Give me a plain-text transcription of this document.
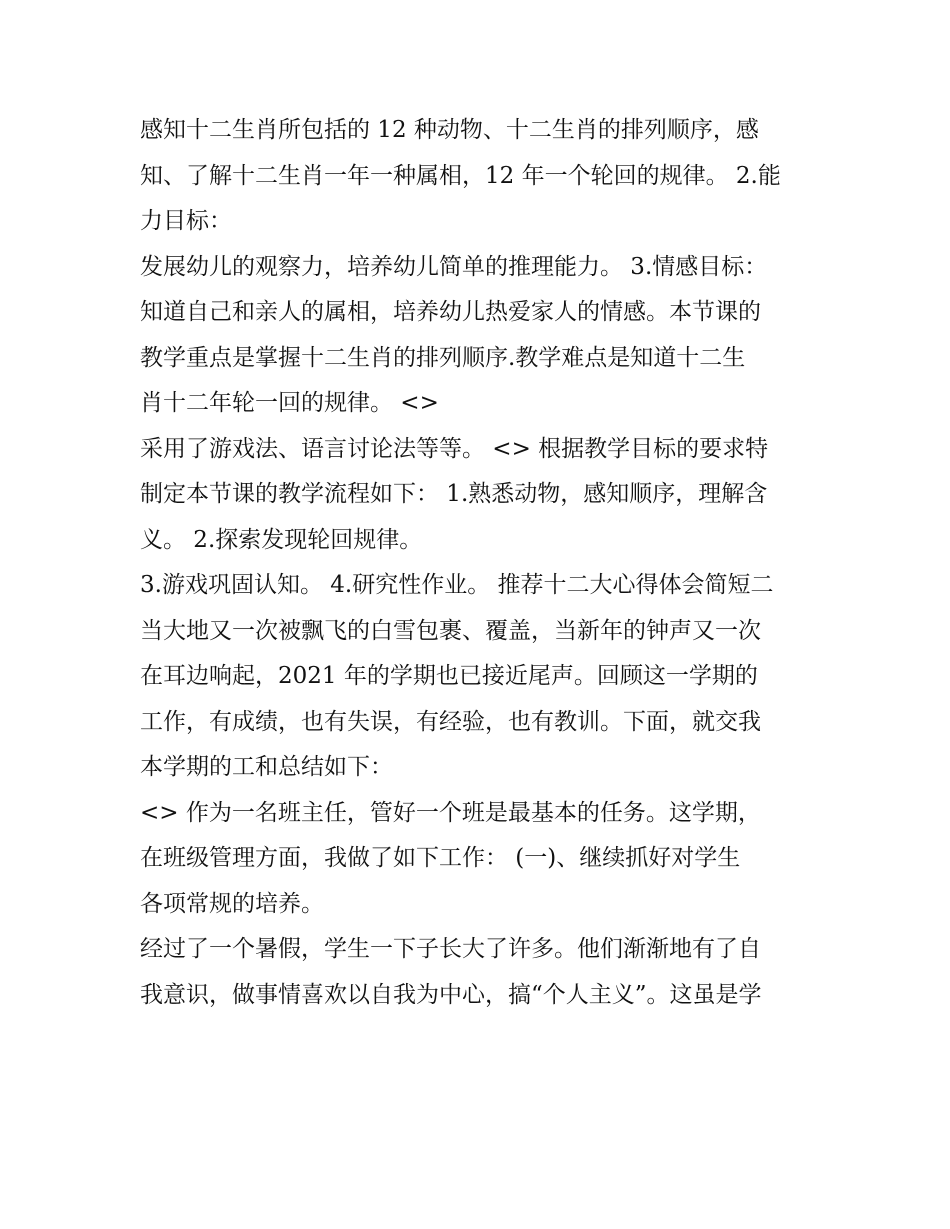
感知十二生肖所包括的 12 种动物、十二生肖的排列顺序，感
知、了解十二生肖一年一种属相，12 年一个轮回的规律。 2.能
力目标：
发展幼儿的观察力，培养幼儿简单的推理能力。 3.情感目标：
知道自己和亲人的属相，培养幼儿热爱家人的情感。本节课的
教学重点是掌握十二生肖的排列顺序.教学难点是知道十二生
肖十二年轮一回的规律。 <>
采用了游戏法、语言讨论法等等。 <> 根据教学目标的要求特
制定本节课的教学流程如下： 1.熟悉动物，感知顺序，理解含
义。 2.探索发现轮回规律。
3.游戏巩固认知。 4.研究性作业。 推荐十二大心得体会简短二
当大地又一次被飘飞的白雪包裹、覆盖，当新年的钟声又一次
在耳边响起，2021 年的学期也已接近尾声。回顾这一学期的
工作，有成绩，也有失误，有经验，也有教训。下面，就交我
本学期的工和总结如下：
<> 作为一名班主任，管好一个班是最基本的任务。这学期，
在班级管理方面，我做了如下工作： (一)、继续抓好对学生
各项常规的培养。
经过了一个暑假，学生一下子长大了许多。他们渐渐地有了自
我意识，做事情喜欢以自我为中心，搞“个人主义”。这虽是学
